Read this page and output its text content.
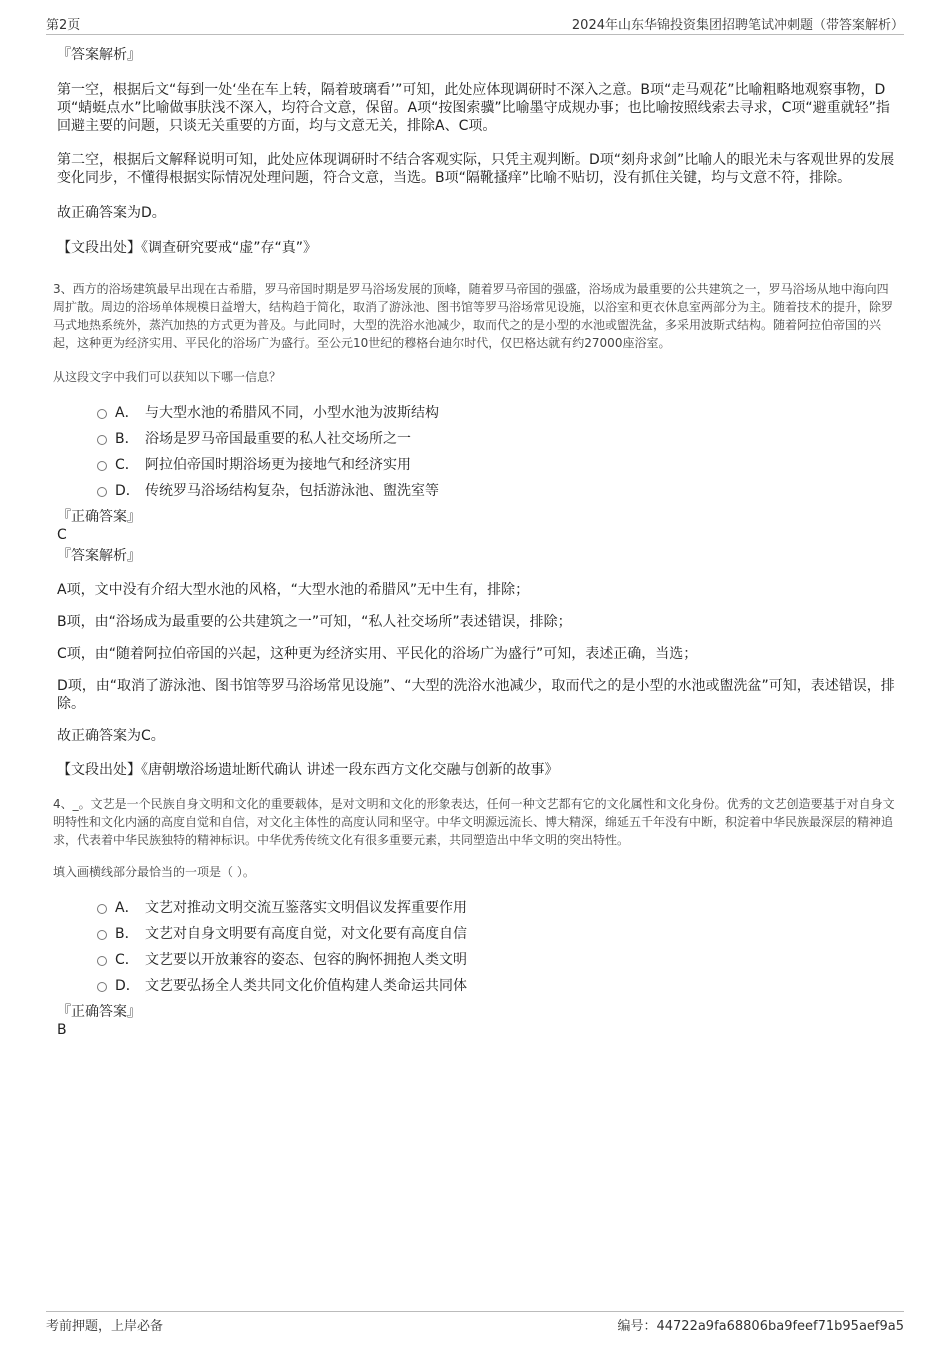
第2页	2024年山东华锦投资集团招聘笔试冲刺题（带答案解析）

『答案解析』

第一空，根据后文“每到一处‘坐在车上转，隔着玻璃看’”可知，此处应体现调研时不深入之意。B项“走马观花”比喻粗略地观察事物，D项“蜻蜓点水”比喻做事肤浅不深入，均符合文意，保留。A项“按图索骥”比喻墨守成规办事；也比喻按照线索去寻求，C项“避重就轻”指回避主要的问题，只谈无关重要的方面，均与文意无关，排除A、C项。

第二空，根据后文解释说明可知，此处应体现调研时不结合客观实际，只凭主观判断。D项“刻舟求剑”比喻人的眼光未与客观世界的发展变化同步，不懂得根据实际情况处理问题，符合文意，当选。B项“隔靴搔痒”比喻不贴切，没有抓住关键，均与文意不符，排除。

故正确答案为D。

【文段出处】《调查研究要戒“虚”存“真”》

3、西方的浴场建筑最早出现在古希腊，罗马帝国时期是罗马浴场发展的顶峰，随着罗马帝国的强盛，浴场成为最重要的公共建筑之一，罗马浴场从地中海向四周扩散。周边的浴场单体规模日益增大，结构趋于简化，取消了游泳池、图书馆等罗马浴场常见设施，以浴室和更衣休息室两部分为主。随着技术的提升，除罗马式地热系统外，蒸汽加热的方式更为普及。与此同时，大型的洗浴水池减少，取而代之的是小型的水池或盥洗盆，多采用波斯式结构。随着阿拉伯帝国的兴起，这种更为经济实用、平民化的浴场广为盛行。至公元10世纪的穆格台迪尔时代，仅巴格达就有约27000座浴室。

从这段文字中我们可以获知以下哪一信息？

A． 与大型水池的希腊风不同，小型水池为波斯结构
B． 浴场是罗马帝国最重要的私人社交场所之一
C． 阿拉伯帝国时期浴场更为接地气和经济实用
D． 传统罗马浴场结构复杂，包括游泳池、盥洗室等

『正确答案』

C

『答案解析』

A项，文中没有介绍大型水池的风格，“大型水池的希腊风”无中生有，排除；

B项，由“浴场成为最重要的公共建筑之一”可知，“私人社交场所”表述错误，排除；

C项，由“随着阿拉伯帝国的兴起，这种更为经济实用、平民化的浴场广为盛行”可知，表述正确，当选；

D项，由“取消了游泳池、图书馆等罗马浴场常见设施”、“大型的洗浴水池减少，取而代之的是小型的水池或盥洗盆”可知，表述错误，排除。

故正确答案为C。

【文段出处】《唐朝墩浴场遗址断代确认 讲述一段东西方文化交融与创新的故事》

4、_。文艺是一个民族自身文明和文化的重要载体，是对文明和文化的形象表达，任何一种文艺都有它的文化属性和文化身份。优秀的文艺创造要基于对自身文明特性和文化内涵的高度自觉和自信，对文化主体性的高度认同和坚守。中华文明源远流长、博大精深，绵延五千年没有中断，积淀着中华民族最深层的精神追求，代表着中华民族独特的精神标识。中华优秀传统文化有很多重要元素，共同塑造出中华文明的突出特性。

填入画横线部分最恰当的一项是（ ）。

A． 文艺对推动文明交流互鉴落实文明倡议发挥重要作用
B． 文艺对自身文明要有高度自觉，对文化要有高度自信
C． 文艺要以开放兼容的姿态、包容的胸怀拥抱人类文明
D． 文艺要弘扬全人类共同文化价值构建人类命运共同体

『正确答案』

B

考前押题，上岸必备	编号：44722a9fa68806ba9feef71b95aef9a5
